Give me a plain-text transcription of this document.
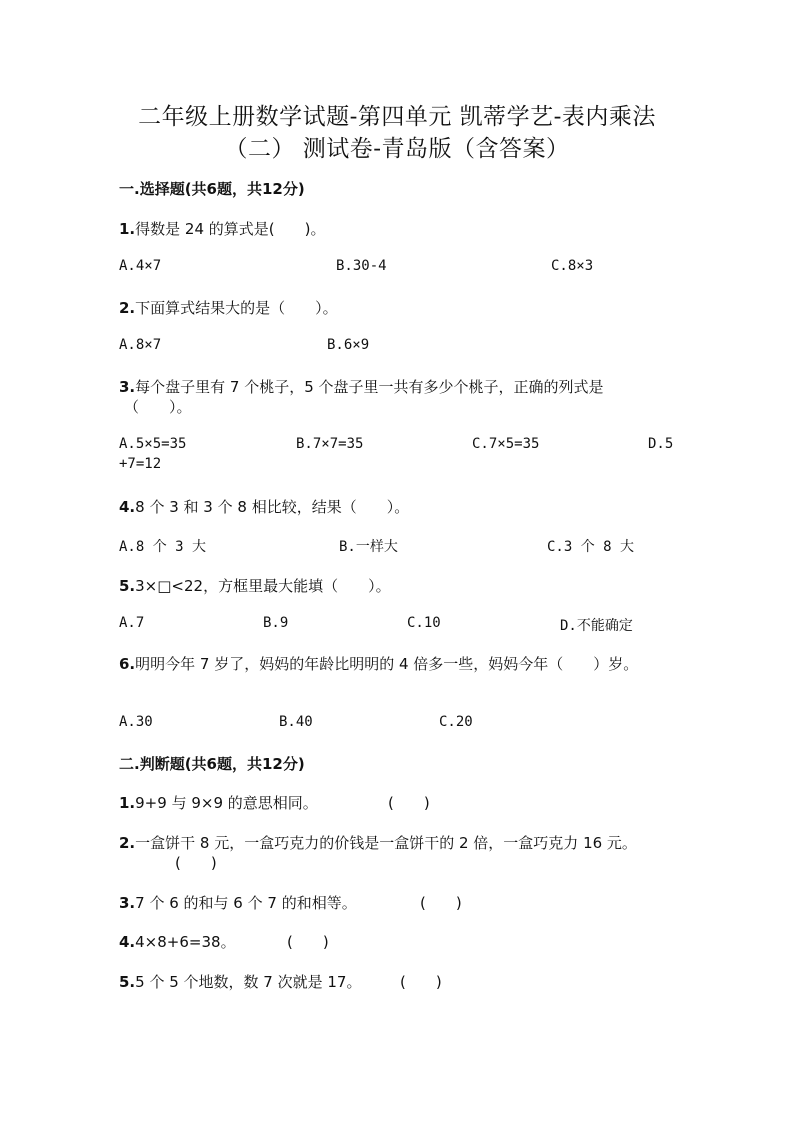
二年级上册数学试题-第四单元 凯蒂学艺-表内乘法
（二） 测试卷-青岛版（含答案）

一.选择题(共6题，共12分)

1.得数是 24 的算式是(　　)。

A.4×7	B.30-4	C.8×3

2.下面算式结果大的是（　　）。

A.8×7	B.6×9

3.每个盘子里有 7 个桃子，5 个盘子里一共有多少个桃子，正确的列式是

（　　）。

A.5×5=35	B.7×7=35	C.7×5=35	D.5

+7=12

4.8 个 3 和 3 个 8 相比较，结果（　　）。

A.8 个 3 大	B.一样大	C.3 个 8 大

5.3×□<22，方框里最大能填（　　）。

A.7	B.9	C.10	D.不能确定

6.明明今年 7 岁了，妈妈的年龄比明明的 4 倍多一些，妈妈今年（　　）岁。

A.30	B.40	C.20

二.判断题(共6题，共12分)

1.9+9 与 9×9 的意思相同。	(　　)

2.一盒饼干 8 元，一盒巧克力的价钱是一盒饼干的 2 倍，一盒巧克力 16 元。

(　　)

3.7 个 6 的和与 6 个 7 的和相等。	(　　)

4.4×8+6=38。	(　　)

5.5 个 5 个地数，数 7 次就是 17。	(　　)
